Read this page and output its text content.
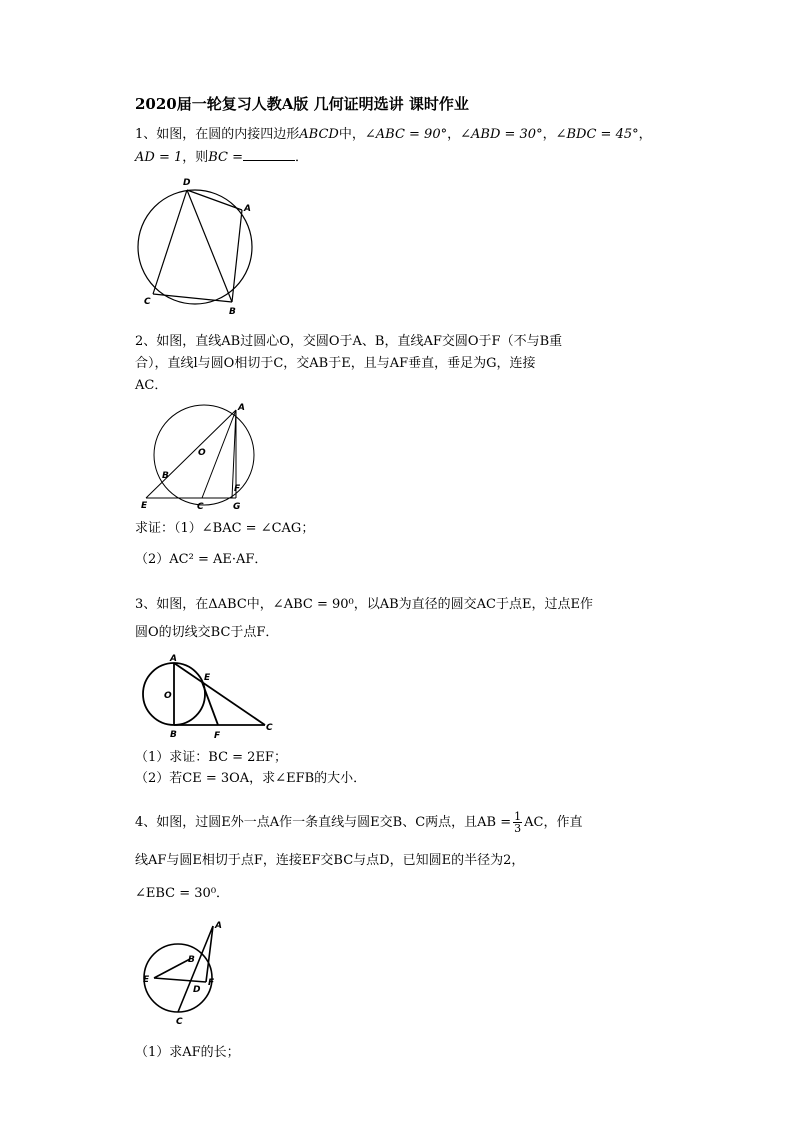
2020届一轮复习人教A版 几何证明选讲 课时作业
1、如图，在圆的内接四边形ABCD中，∠ABC = 90°，∠ABD = 30°，∠BDC = 45°，
AD = 1，则BC =	．
D
A
C
B
2、如图，直线AB过圆心O，交圆O于A、B，直线AF交圆O于F（不与B重
合），直线l与圆O相切于C，交AB于E，且与AF垂直，垂足为G，连接
AC．
A
O
B
E	C
F
G
求证：（1）∠BAC = ∠CAG；
（2）AC² = AE·AF．
3、如图，在ΔABC中，∠ABC = 90⁰，以AB为直径的圆交AC于点E，过点E作
圆O的切线交BC于点F．
A
E
O
B	F
C
（1）求证：BC = 2EF；
（2）若CE = 3OA，求∠EFB的大小．
4、如图，过圆E外一点A作一条直线与圆E交B、C两点，且AB = $\frac{1}{3}$ AC，作直
线AF与圆E相切于点F，连接EF交BC与点D，已知圆E的半径为2，
∠EBC = 30⁰．
A
B
E
D
F
C
（1）求AF的长；
